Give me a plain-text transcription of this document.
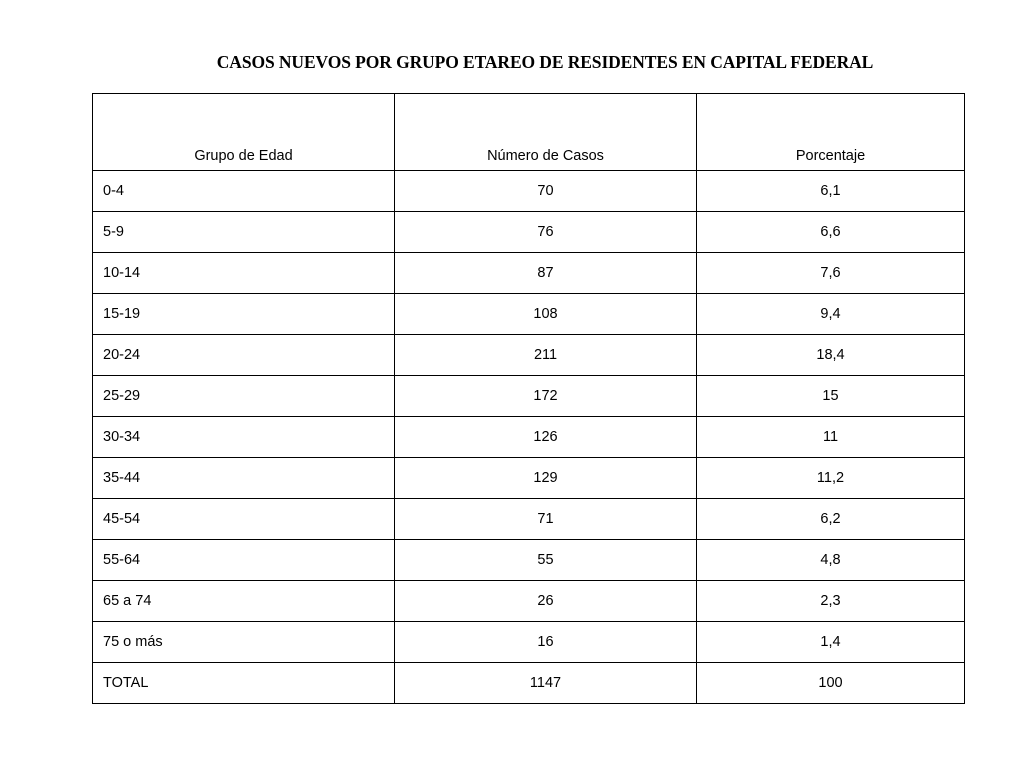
CASOS NUEVOS POR GRUPO ETAREO DE RESIDENTES EN CAPITAL FEDERAL
Grupo de Edad	Número de Casos	Porcentaje
0-4	70	6,1
5-9	76	6,6
10-14	87	7,6
15-19	108	9,4
20-24	211	18,4
25-29	172	15
30-34	126	11
35-44	129	11,2
45-54	71	6,2
55-64	55	4,8
65 a 74	26	2,3
75 o más	16	1,4
TOTAL	1147	100
